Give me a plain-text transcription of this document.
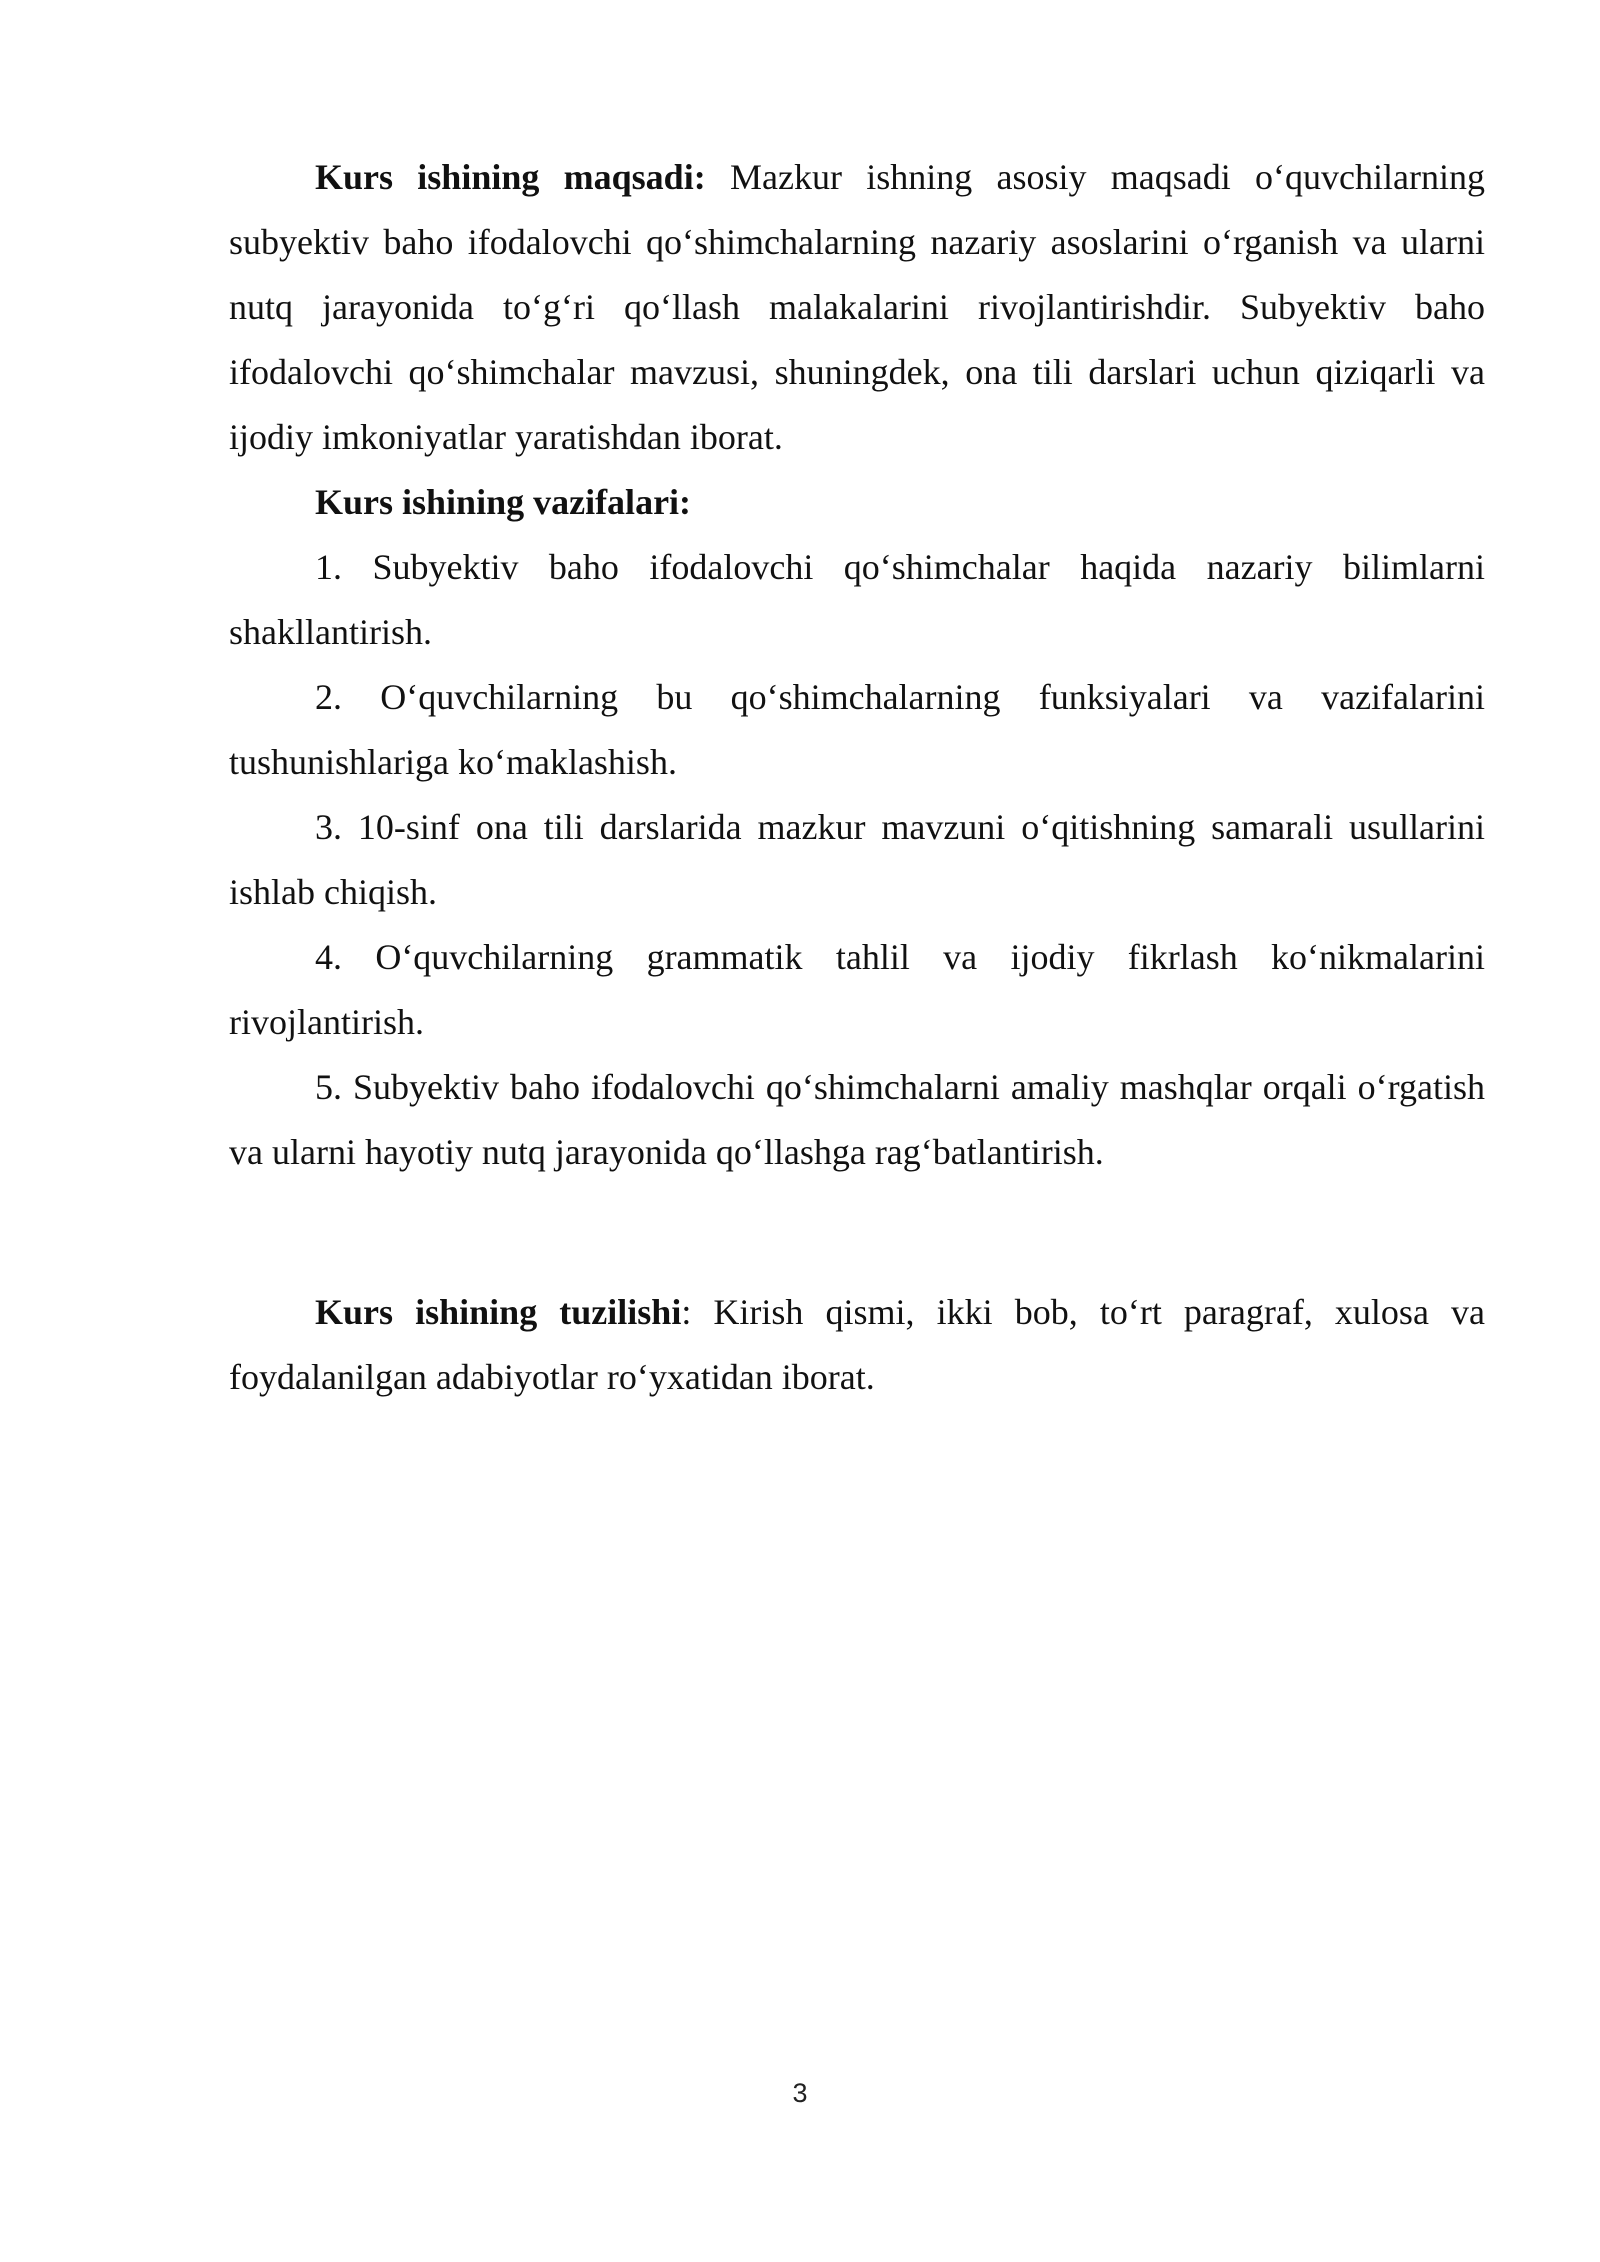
Kurs ishining maqsadi: Mazkur ishning asosiy maqsadi o‘quvchilarning subyektiv baho ifodalovchi qo‘shimchalarning nazariy asoslarini o‘rganish va ularni nutq jarayonida to‘g‘ri qo‘llash malakalarini rivojlantirishdir. Subyektiv baho ifodalovchi qo‘shimchalar mavzusi, shuningdek, ona tili darslari uchun qiziqarli va ijodiy imkoniyatlar yaratishdan iborat.

Kurs ishining vazifalari:

1. Subyektiv baho ifodalovchi qo‘shimchalar haqida nazariy bilimlarni shakllantirish.

2. O‘quvchilarning bu qo‘shimchalarning funksiyalari va vazifalarini tushunishlariga ko‘maklashish.

3. 10-sinf ona tili darslarida mazkur mavzuni o‘qitishning samarali usullarini ishlab chiqish.

4. O‘quvchilarning grammatik tahlil va ijodiy fikrlash ko‘nikmalarini rivojlantirish.

5. Subyektiv baho ifodalovchi qo‘shimchalarni amaliy mashqlar orqali o‘rgatish va ularni hayotiy nutq jarayonida qo‘llashga rag‘batlantirish.

Kurs ishining tuzilishi: Kirish qismi, ikki bob, to‘rt paragraf, xulosa va foydalanilgan adabiyotlar ro‘yxatidan iborat.

3
